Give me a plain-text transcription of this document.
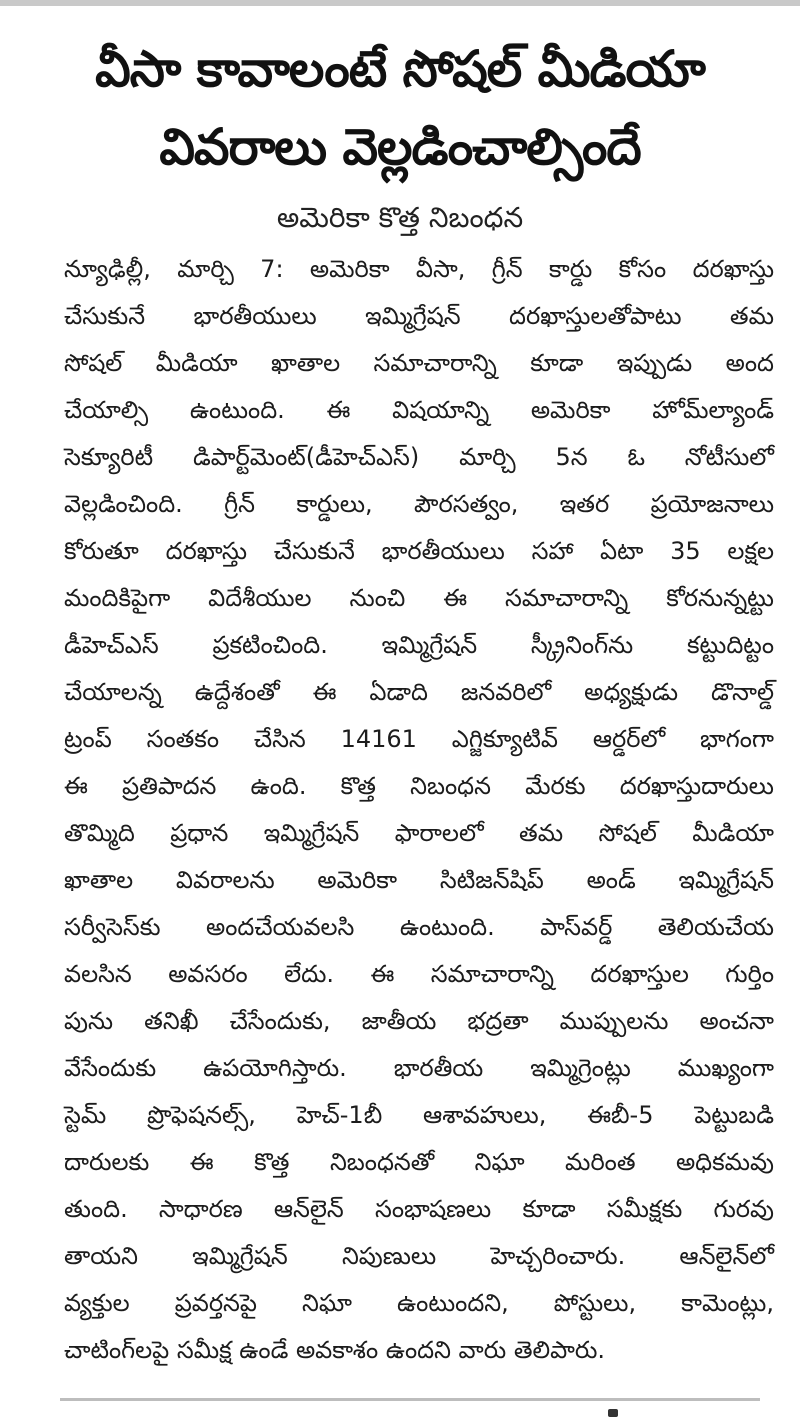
వీసా కావాలంటే సోషల్ మీడియా
వివరాలు వెల్లడించాల్సిందే
అమెరికా కొత్త నిబంధన
న్యూఢిల్లీ, మార్చి 7: అమెరికా వీసా, గ్రీన్ కార్డు కోసం దరఖాస్తు
చేసుకునే భారతీయులు ఇమ్మిగ్రేషన్ దరఖాస్తులతోపాటు తమ
సోషల్ మీడియా ఖాతాల సమాచారాన్ని కూడా ఇప్పుడు అంద
చేయాల్సి ఉంటుంది. ఈ విషయాన్ని అమెరికా హోమ్‌ల్యాండ్
సెక్యూరిటీ డిపార్ట్‌మెంట్(డీహెచ్ఎస్) మార్చి 5న ఓ నోటీసులో
వెల్లడించింది. గ్రీన్ కార్డులు, పౌరసత్వం, ఇతర ప్రయోజనాలు
కోరుతూ దరఖాస్తు చేసుకునే భారతీయులు సహా ఏటా 35 లక్షల
మందికిపైగా విదేశీయుల నుంచి ఈ సమాచారాన్ని కోరనున్నట్టు
డీహెచ్ఎస్ ప్రకటించింది. ఇమ్మిగ్రేషన్ స్క్రీనింగ్‌ను కట్టుదిట్టం
చేయాలన్న ఉద్దేశంతో ఈ ఏడాది జనవరిలో అధ్యక్షుడు డొనాల్డ్
ట్రంప్ సంతకం చేసిన 14161 ఎగ్జిక్యూటివ్ ఆర్డర్‌లో భాగంగా
ఈ ప్రతిపాదన ఉంది. కొత్త నిబంధన మేరకు దరఖాస్తుదారులు
తొమ్మిది ప్రధాన ఇమ్మిగ్రేషన్ ఫారాలలో తమ సోషల్ మీడియా
ఖాతాల వివరాలను అమెరికా సిటిజన్‌షిప్ అండ్ ఇమ్మిగ్రేషన్
సర్వీసెస్‌కు అందచేయవలసి ఉంటుంది. పాస్‌వర్డ్ తెలియచేయ
వలసిన అవసరం లేదు. ఈ సమాచారాన్ని దరఖాస్తుల గుర్తిం
పును తనిఖీ చేసేందుకు, జాతీయ భద్రతా ముప్పులను అంచనా
వేసేందుకు ఉపయోగిస్తారు. భారతీయ ఇమ్మిగ్రెంట్లు ముఖ్యంగా
స్టెమ్ ప్రొఫెషనల్స్, హెచ్-1బీ ఆశావహులు, ఈబీ-5 పెట్టుబడి
దారులకు ఈ కొత్త నిబంధనతో నిఘా మరింత అధికమవు
తుంది. సాధారణ ఆన్‌లైన్ సంభాషణలు కూడా సమీక్షకు గురవు
తాయని ఇమ్మిగ్రేషన్ నిపుణులు హెచ్చరించారు. ఆన్‌లైన్‌లో
వ్యక్తుల ప్రవర్తనపై నిఘా ఉంటుందని, పోస్టులు, కామెంట్లు,
చాటింగ్‌లపై సమీక్ష ఉండే అవకాశం ఉందని వారు తెలిపారు.
